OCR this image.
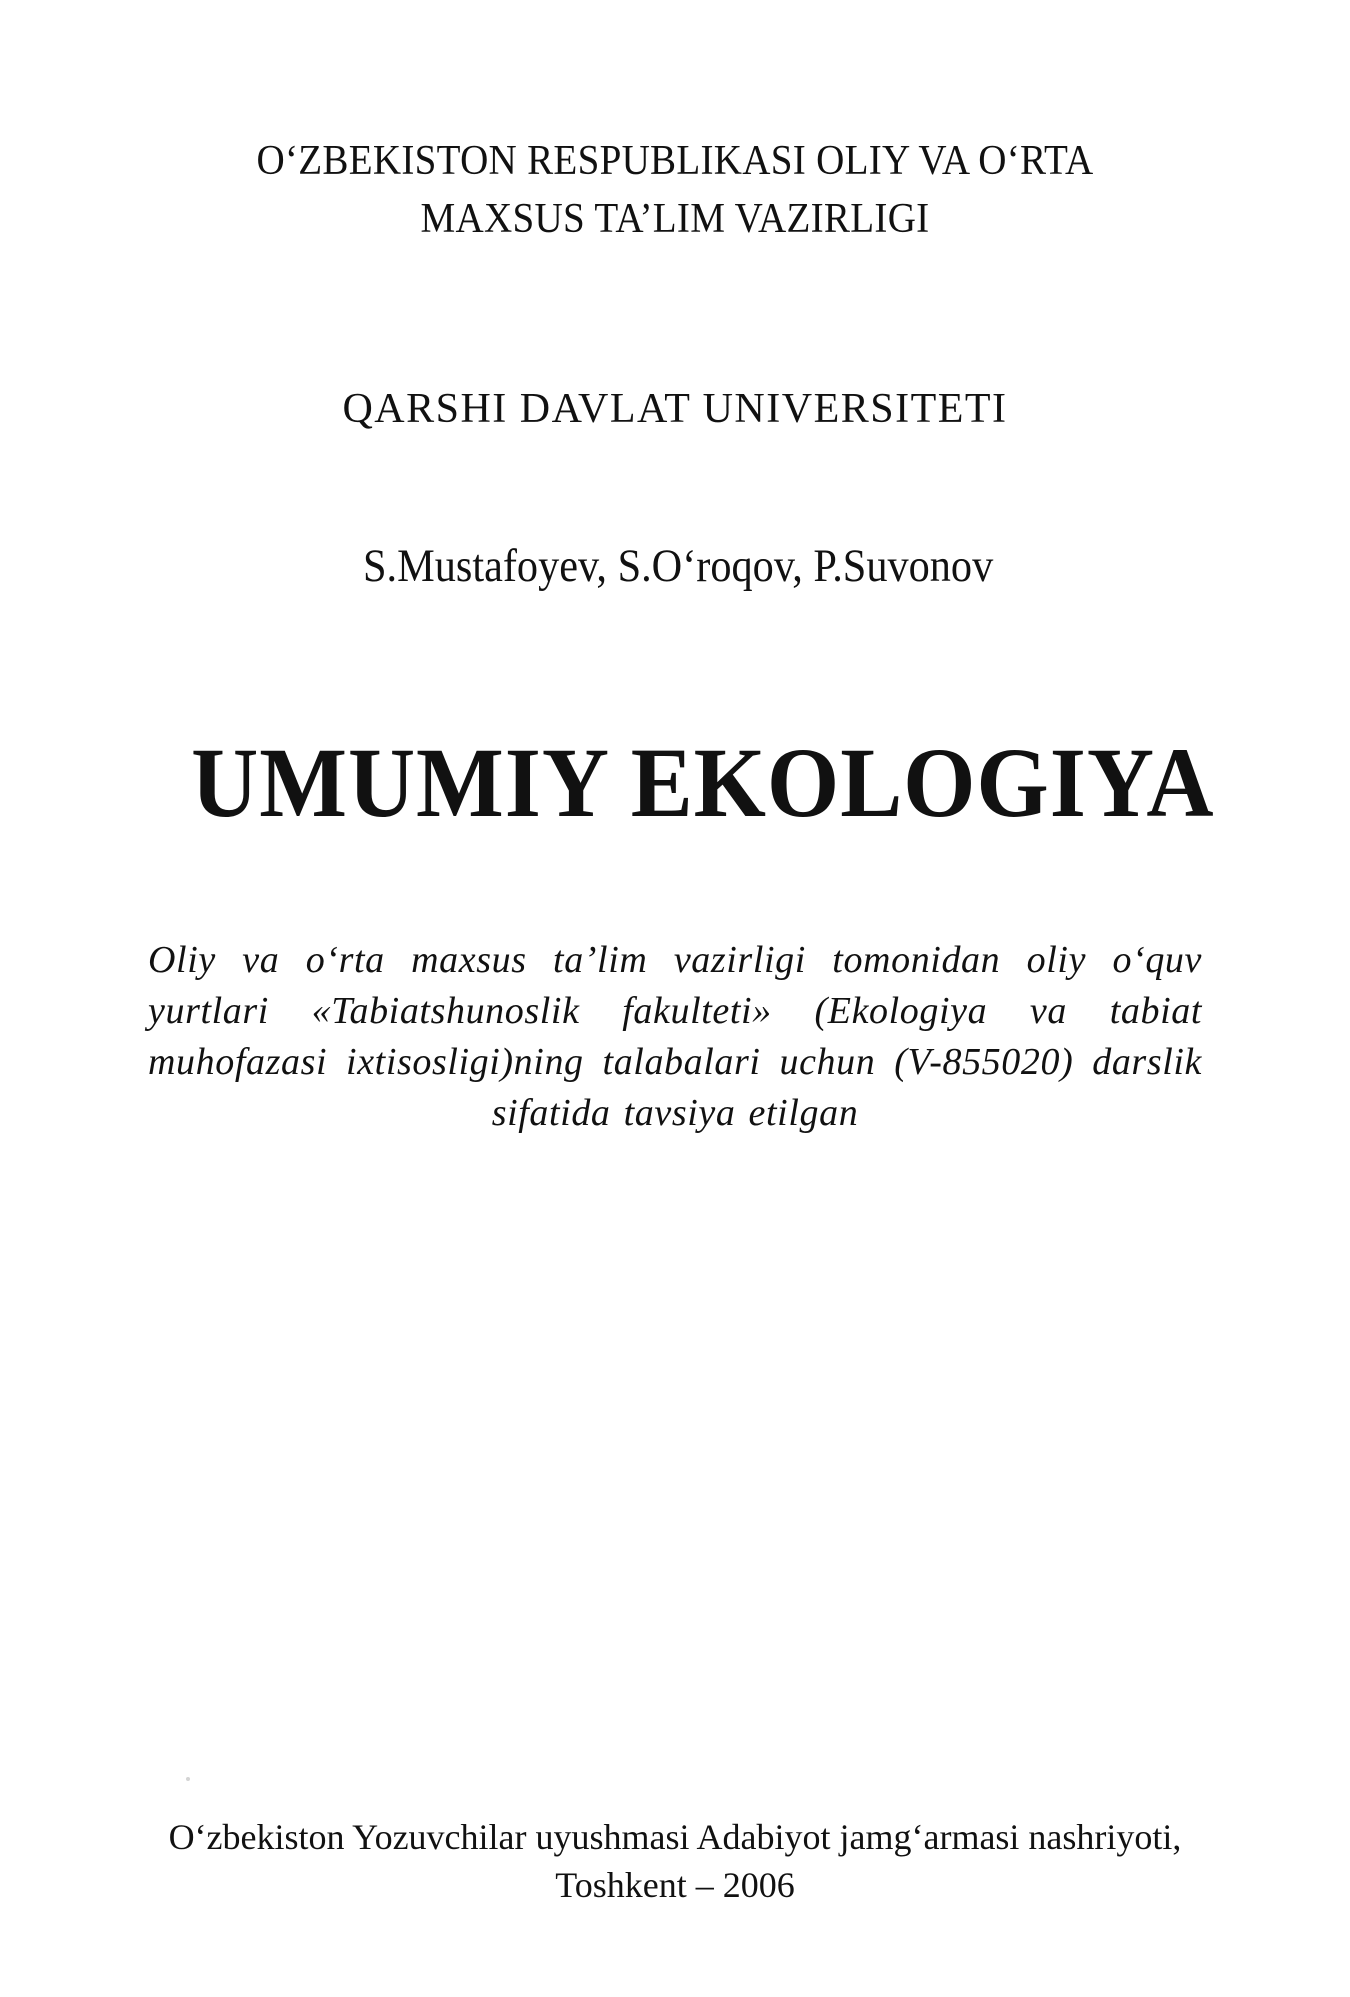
O‘ZBEKISTON RESPUBLIKASI OLIY VA O‘RTA
MAXSUS TA’LIM VAZIRLIGI
QARSHI DAVLAT UNIVERSITETI
S.Mustafoyev, S.O‘roqov, P.Suvonov
UMUMIY EKOLOGIYA
Oliy va o‘rta maxsus ta’lim vazirligi tomonidan oliy o‘quv yurtlari «Tabiatshunoslik fakulteti» (Ekologiya va tabiat muhofazasi ixtisosligi)ning talabalari uchun (V-855020) darslik sifatida tavsiya etilgan
O‘zbekiston Yozuvchilar uyushmasi Adabiyot jamg‘armasi nashriyoti,
Toshkent – 2006
